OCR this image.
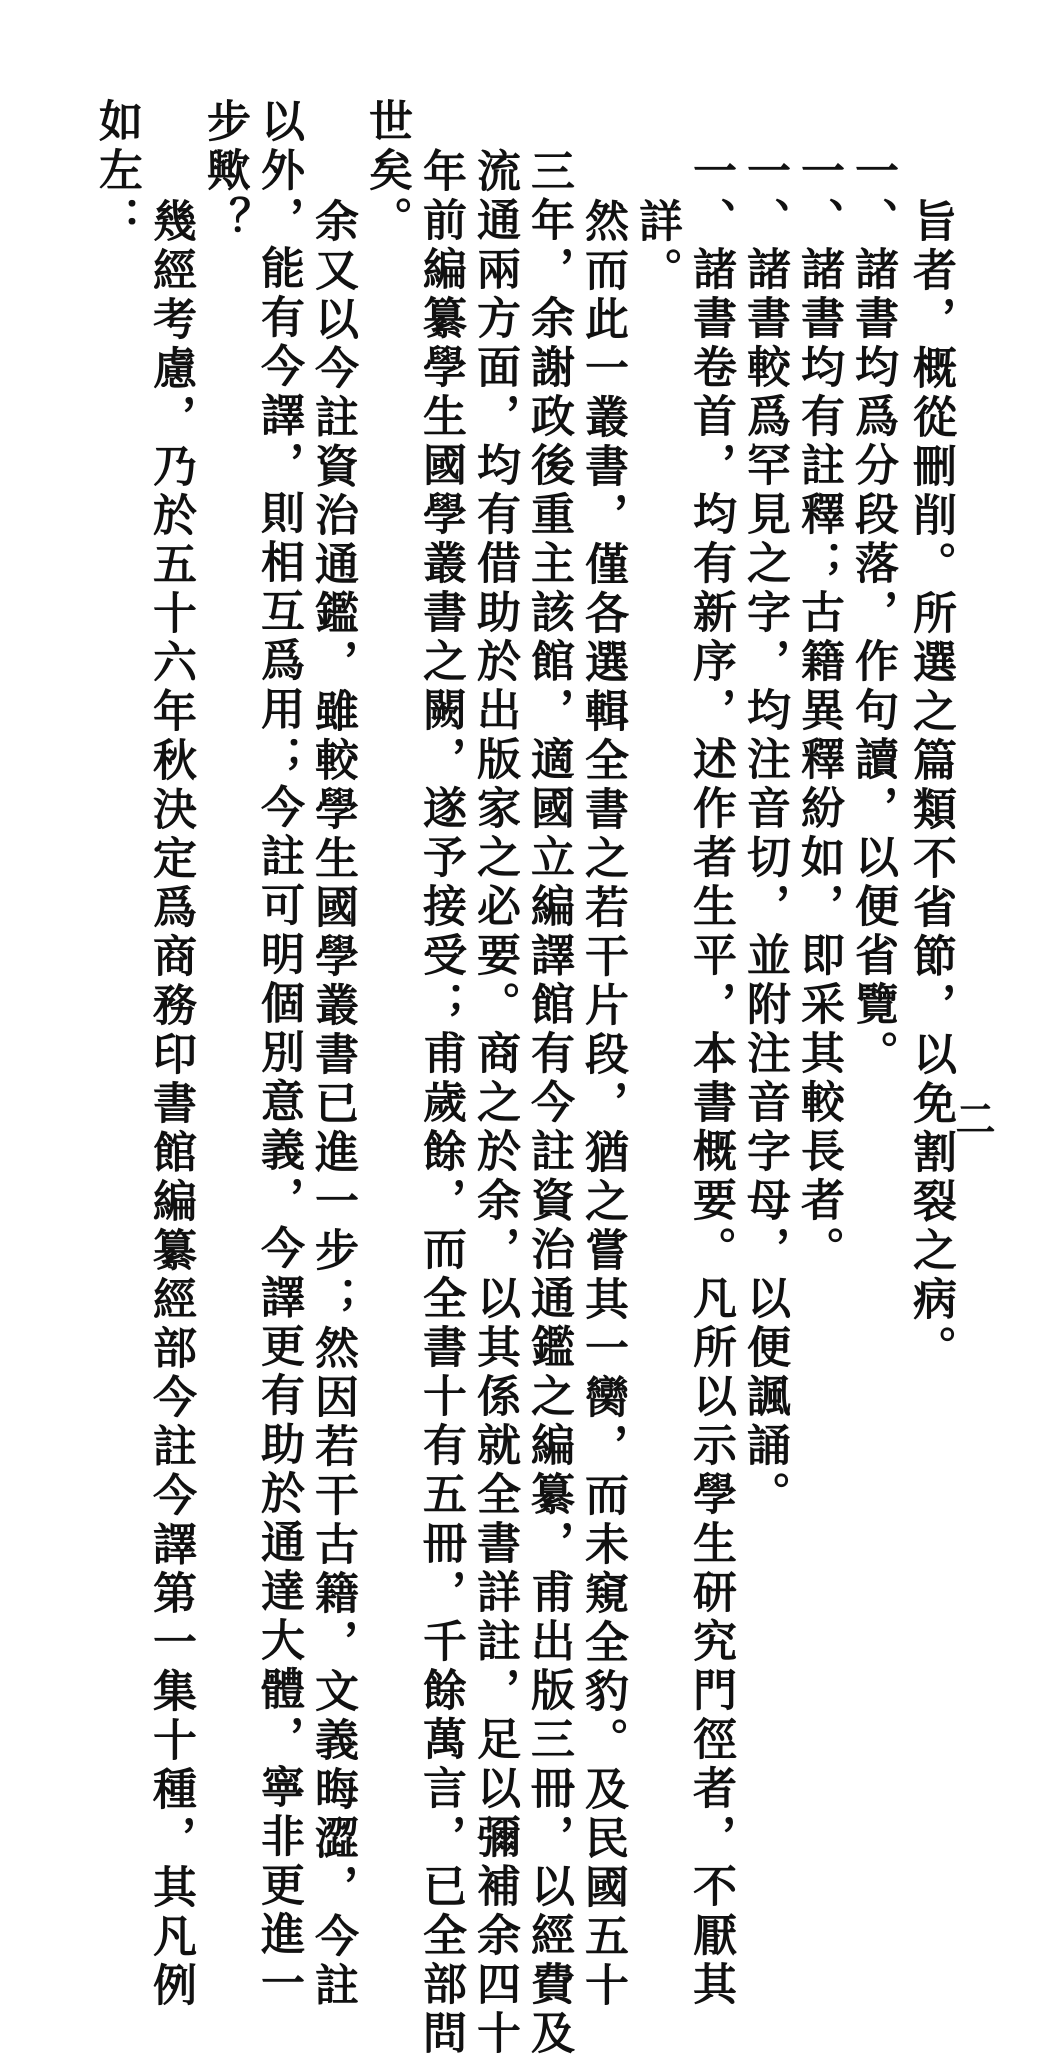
二
旨者，概從刪削。所選之篇類不省節，以免割裂之病。
一、諸書均爲分段落，作句讀，以便省覽。
一、諸書均有註釋；古籍異釋紛如，即采其較長者。
一、諸書較爲罕見之字，均注音切，並附注音字母，以便諷誦。
一、諸書卷首，均有新序，述作者生平，本書概要。凡所以示學生研究門徑者，不厭其
詳。
然而此一叢書，僅各選輯全書之若干片段，猶之嘗其一臠，而未窺全豹。及民國五十
三年，余謝政後重主該館，適國立編譯館有今註資治通鑑之編纂，甫出版三冊，以經費及
流通兩方面，均有借助於出版家之必要。商之於余，以其係就全書詳註，足以彌補余四十
年前編纂學生國學叢書之闕，遂予接受；甫歲餘，而全書十有五冊，千餘萬言，已全部問
世矣。
余又以今註資治通鑑，雖較學生國學叢書已進一步；然因若干古籍，文義晦澀，今註
以外，能有今譯，則相互爲用；今註可明個別意義，今譯更有助於通達大體，寧非更進一
步歟？
幾經考慮，乃於五十六年秋決定爲商務印書館編纂經部今註今譯第一集十種，其凡例
如左：
